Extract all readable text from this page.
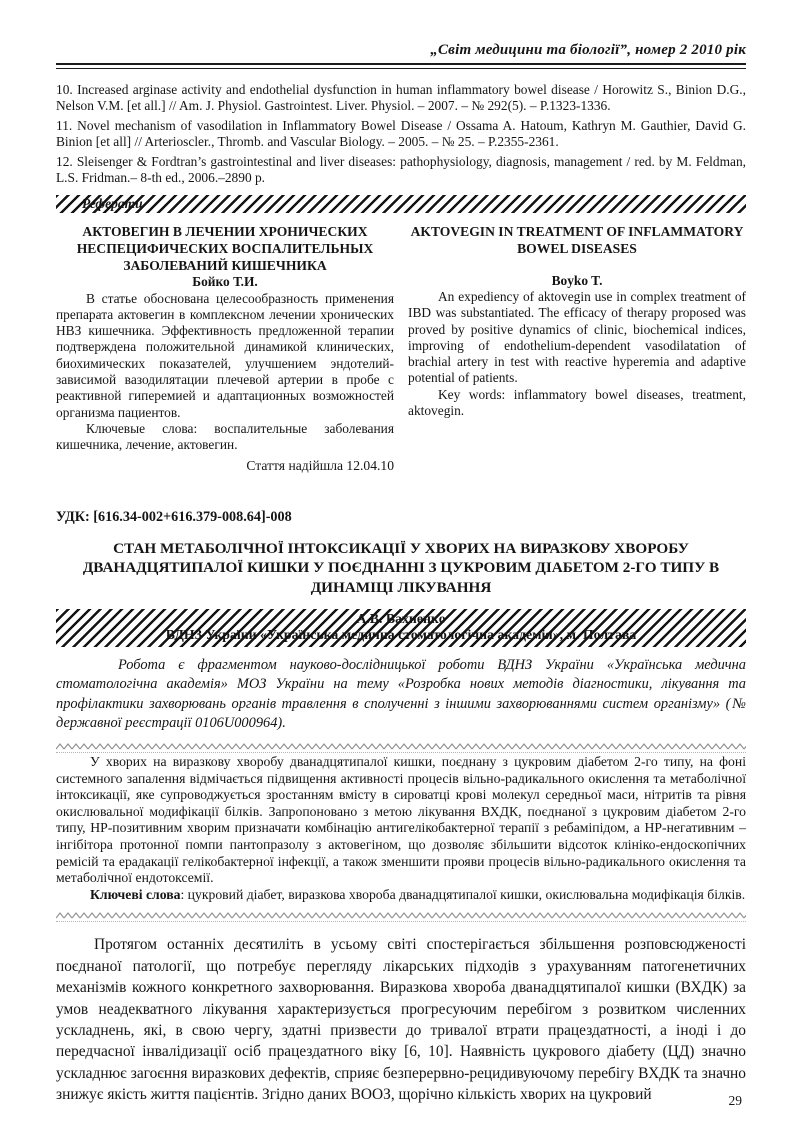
„Світ медицини та біології”, номер 2 2010 рік

10. Increased arginase activity and endothelial dysfunction in human inflammatory bowel disease / Horowitz S., Binion D.G., Nelson V.M. [et all.] // Am. J. Physiol. Gastrointest. Liver. Physiol. – 2007. – № 292(5). – P.1323-1336.

11. Novel mechanism of vasodilation in Inflammatory Bowel Disease / Ossama A. Hatoum, Kathryn M. Gauthier, David G. Binion [et all] // Arterioscler., Thromb. and Vascular Biology. – 2005. – № 25. – P.2355-2361.

12. Sleisenger & Fordtran’s gastrointestinal and liver diseases: pathophysiology, diagnosis, management / red. by M. Feldman, L.S. Fridman.– 8-th ed., 2006.–2890 p.

Реферати
АКТОВЕГИН В ЛЕЧЕНИИ ХРОНИЧЕСКИХ НЕСПЕЦИФИЧЕСКИХ ВОСПАЛИТЕЛЬНЫХ ЗАБОЛЕВАНИЙ КИШЕЧНИКА
Бойко Т.И.

В статье обоснована целесообразность применения препарата актовегин в комплексном лечении хронических НВЗ кишечника. Эффективность предложенной терапии подтверждена положительной динамикой клинических, биохимических показателей, улучшением эндотелий-зависимой вазодилятации плечевой артерии в пробе с реактивной гиперемией и адаптационных возможностей организма пациентов.

Ключевые слова: воспалительные заболевания кишечника, лечение, актовегин.

Стаття надійшла 12.04.10
AKTOVEGIN IN TREATMENT OF INFLAMMATORY BOWEL DISEASES
Boyko T.

An expediency of aktovegin use in complex treatment of IBD was substantiated. The efficacy of therapy proposed was proved by positive dynamics of clinic, biochemical indices, improving of endothelium-dependent vasodilatation of brachial artery in test with reactive hyperemia and adaptive potential of patients.

Key words: inflammatory bowel diseases, treatment, aktovegin.

УДК: [616.34-002+616.379-008.64]-008
СТАН МЕТАБОЛІЧНОЇ ІНТОКСИКАЦІЇ У ХВОРИХ НА ВИРАЗКОВУ ХВОРОБУ ДВАНАДЦЯТИПАЛОЇ КИШКИ У ПОЄДНАННІ З ЦУКРОВИМ ДІАБЕТОМ 2-ГО ТИПУ В ДИНАМІЦІ ЛІКУВАННЯ
А.В. Вахненко
ВДНЗ України «Українська медична стоматологічна академія», м. Полтава

Робота є фрагментом науково-дослідницької роботи ВДНЗ України «Українська медична стоматологічна академія» МОЗ України на тему «Розробка нових методів діагностики, лікування та профілактики захворювань органів травлення в сполученні з іншими захворюваннями систем організму» (№ державної реєстрації 0106U000964).

У хворих на виразкову хворобу дванадцятипалої кишки, поєднану з цукровим діабетом 2-го типу, на фоні системного запалення відмічається підвищення активності процесів вільно-радикального окислення та метаболічної інтоксикації, яке супроводжується зростанням вмісту в сироватці крові молекул середньої маси, нітритів та рівня окислювальної модифікації білків. Запропоновано з метою лікування ВХДК, поєднаної з цукровим діабетом 2-го типу, НР-позитивним хворим призначати комбінацію антигелікобактерної терапії з ребаміпідом, а НР-негативним – інгібітора протонної помпи пантопразолу з актовегіном, що дозволяє збільшити відсоток клініко-ендоскопічних ремісій та ерадакації гелікобактерної інфекції, а також зменшити прояви процесів вільно-радикального окислення та метаболічної ендотоксемії.

Ключеві слова: цукровий діабет, виразкова хвороба дванадцятипалої кишки, окислювальна модифікація білків.

Протягом останніх десятиліть в усьому світі спостерігається збільшення розповсюдженості поєднаної патології, що потребує перегляду лікарських підходів з урахуванням патогенетичних механізмів кожного конкретного захворювання. Виразкова хвороба дванадцятипалої кишки (ВХДК) за умов неадекватного лікування характеризується прогресуючим перебігом з розвитком численних ускладнень, які, в свою чергу, здатні призвести до тривалої втрати працездатності, а іноді і до передчасної інвалідизації осіб працездатного віку [6, 10]. Наявність цукрового діабету (ЦД) значно ускладнює загоєння виразкових дефектів, сприяє безперервно-рецидивуючому перебігу ВХДК та значно знижує якість життя пацієнтів. Згідно даних ВООЗ, щорічно кількість хворих на цукровий	29
